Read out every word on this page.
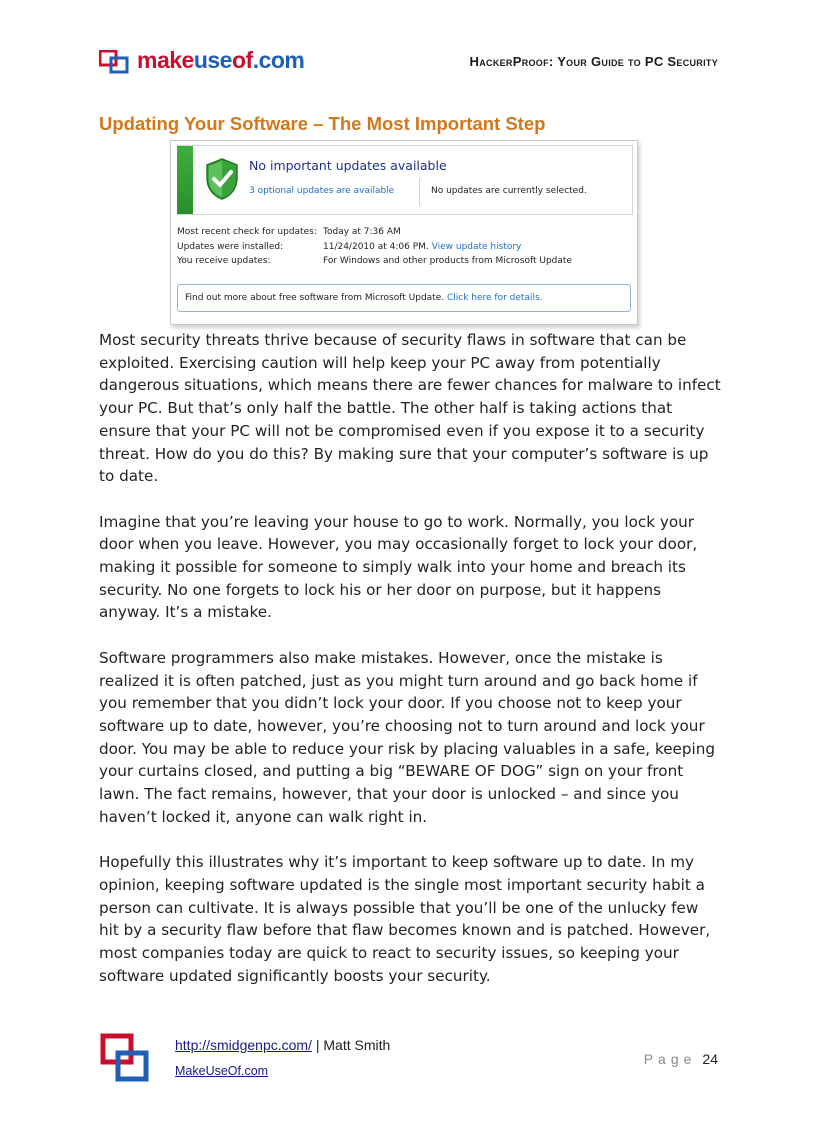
makeuseof.com	HackerProof: Your Guide to PC Security
Updating Your Software – The Most Important Step
No important updates available
3 optional updates are available	No updates are currently selected.
Most recent check for updates: Today at 7:36 AM
Updates were installed:	11/24/2010 at 4:06 PM. View update history
You receive updates:	For Windows and other products from Microsoft Update
Find out more about free software from Microsoft Update. Click here for details.

Most security threats thrive because of security flaws in software that can be exploited. Exercising caution will help keep your PC away from potentially dangerous situations, which means there are fewer chances for malware to infect your PC. But that’s only half the battle. The other half is taking actions that ensure that your PC will not be compromised even if you expose it to a security threat. How do you do this? By making sure that your computer’s software is up to date.

Imagine that you’re leaving your house to go to work. Normally, you lock your door when you leave. However, you may occasionally forget to lock your door, making it possible for someone to simply walk into your home and breach its security. No one forgets to lock his or her door on purpose, but it happens anyway. It’s a mistake.

Software programmers also make mistakes. However, once the mistake is realized it is often patched, just as you might turn around and go back home if you remember that you didn’t lock your door. If you choose not to keep your software up to date, however, you’re choosing not to turn around and lock your door. You may be able to reduce your risk by placing valuables in a safe, keeping your curtains closed, and putting a big “BEWARE OF DOG” sign on your front lawn. The fact remains, however, that your door is unlocked – and since you haven’t locked it, anyone can walk right in.

Hopefully this illustrates why it’s important to keep software up to date. In my opinion, keeping software updated is the single most important security habit a person can cultivate. It is always possible that you’ll be one of the unlucky few hit by a security flaw before that flaw becomes known and is patched. However, most companies today are quick to react to security issues, so keeping your software updated significantly boosts your security.

http://smidgenpc.com/ | Matt Smith
MakeUseOf.com
Page 24
